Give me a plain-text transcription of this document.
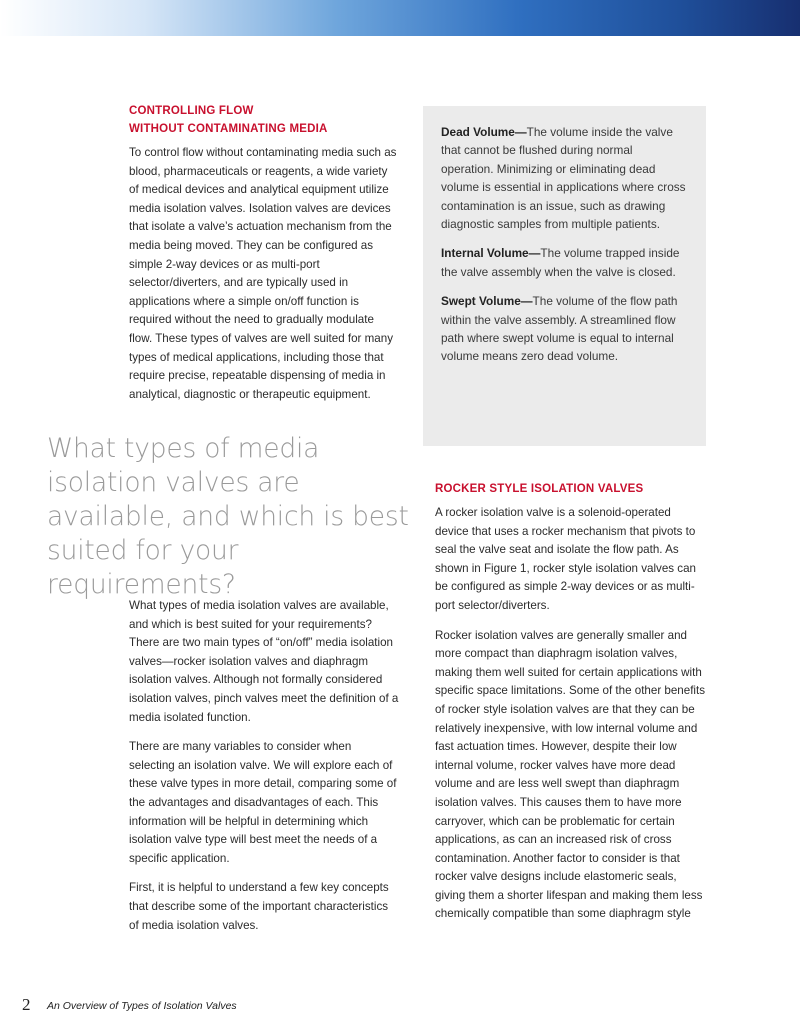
CONTROLLING FLOW
WITHOUT CONTAMINATING MEDIA

To control flow without contaminating media such as blood, pharmaceuticals or reagents, a wide variety of medical devices and analytical equipment utilize media isolation valves. Isolation valves are devices that isolate a valve’s actuation mechanism from the media being moved. They can be configured as simple 2-way devices or as multi-port selector/diverters, and are typically used in applications where a simple on/off function is required without the need to gradually modulate flow. These types of valves are well suited for many types of medical applications, including those that require precise, repeatable dispensing of media in analytical, diagnostic or therapeutic equipment.

Dead Volume—The volume inside the valve that cannot be flushed during normal operation. Minimizing or eliminating dead volume is essential in applications where cross contamination is an issue, such as drawing diagnostic samples from multiple patients.

Internal Volume—The volume trapped inside the valve assembly when the valve is closed.

Swept Volume—The volume of the flow path within the valve assembly. A streamlined flow path where swept volume is equal to internal volume means zero dead volume.

What types of media isolation valves are available, and which is best suited for your requirements?

What types of media isolation valves are available, and which is best suited for your requirements? There are two main types of “on/off” media isolation valves—rocker isolation valves and diaphragm isolation valves. Although not formally considered isolation valves, pinch valves meet the definition of a media isolated function.

There are many variables to consider when selecting an isolation valve. We will explore each of these valve types in more detail, comparing some of the advantages and disadvantages of each. This information will be helpful in determining which isolation valve type will best meet the needs of a specific application.

First, it is helpful to understand a few key concepts that describe some of the important characteristics of media isolation valves.

ROCKER STYLE ISOLATION VALVES

A rocker isolation valve is a solenoid-operated device that uses a rocker mechanism that pivots to seal the valve seat and isolate the flow path. As shown in Figure 1, rocker style isolation valves can be configured as simple 2-way devices or as multi-port selector/diverters.

Rocker isolation valves are generally smaller and more compact than diaphragm isolation valves, making them well suited for certain applications with specific space limitations. Some of the other benefits of rocker style isolation valves are that they can be relatively inexpensive, with low internal volume and fast actuation times. However, despite their low internal volume, rocker valves have more dead volume and are less well swept than diaphragm isolation valves. This causes them to have more carryover, which can be problematic for certain applications, as can an increased risk of cross contamination. Another factor to consider is that rocker valve designs include elastomeric seals, giving them a shorter lifespan and making them less chemically compatible than some diaphragm style

2 An Overview of Types of Isolation Valves
